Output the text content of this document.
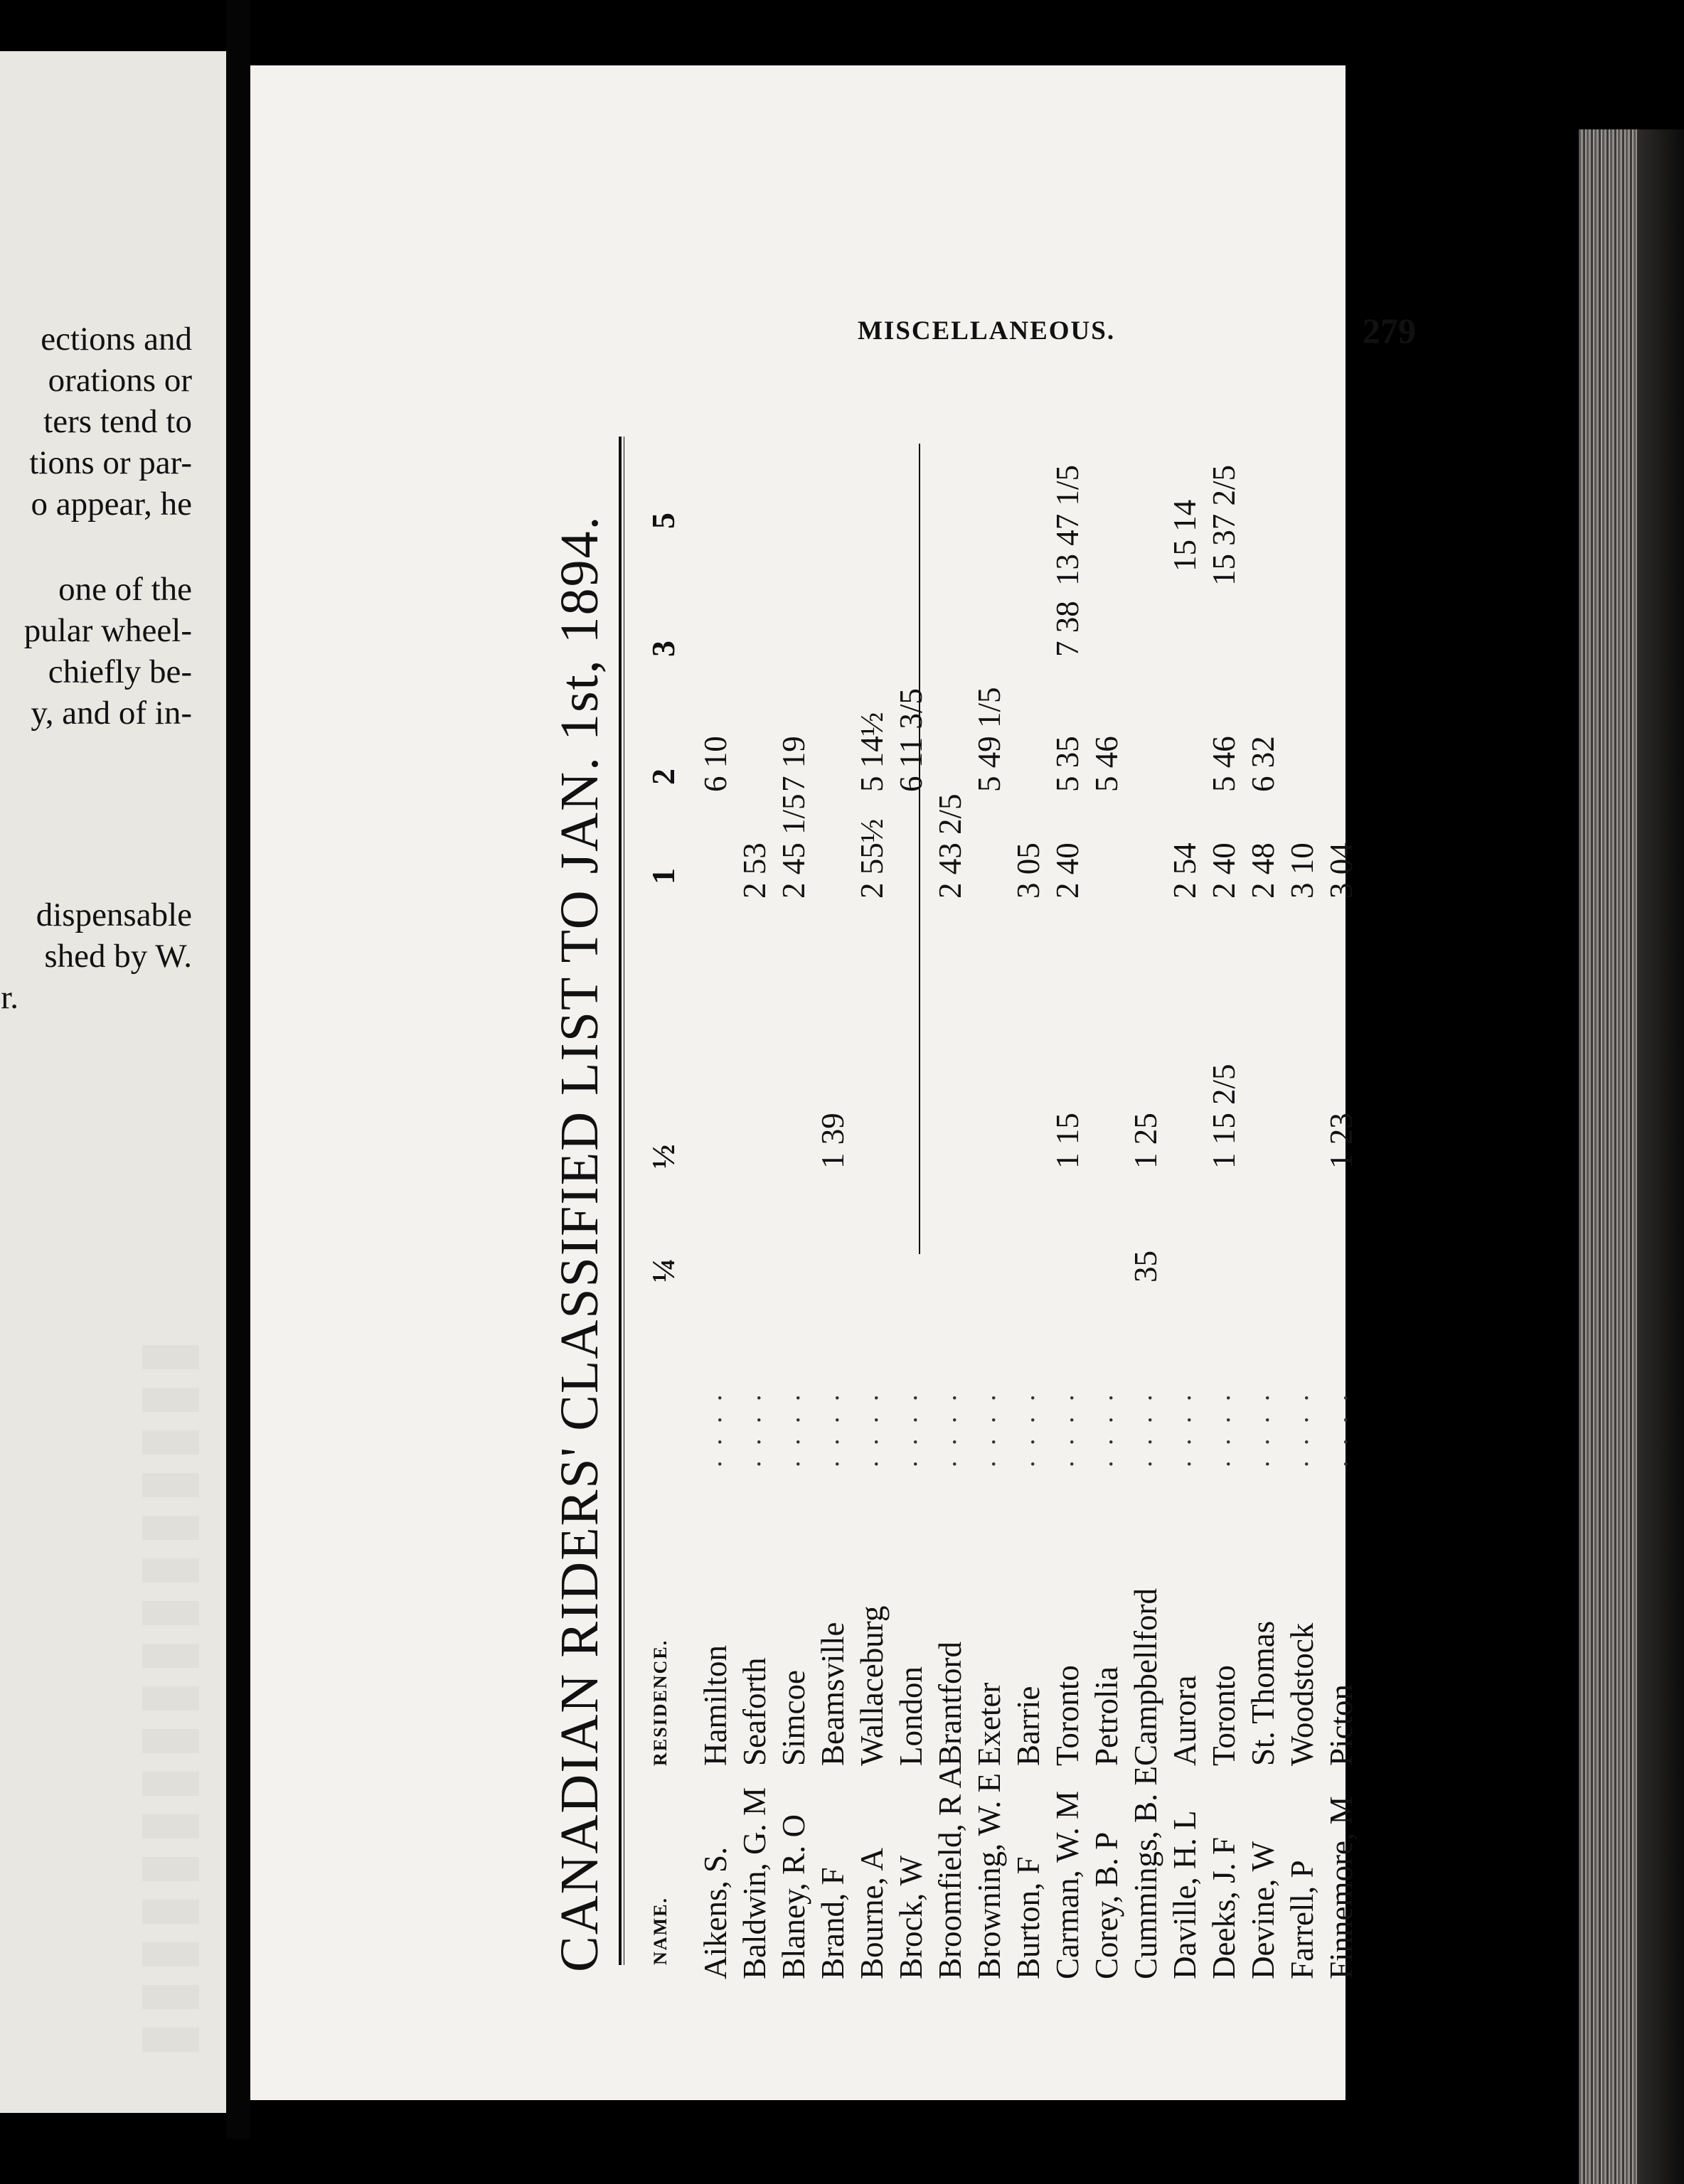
ections and
orations or
ters tend to
tions or par-
o appear, he
one of the
pular wheel-
chiefly be-
y, and of in-
dispensable
shed by W.
r.
MISCELLANEOUS.	279
CANADIAN RIDERS' CLASSIFIED LIST TO JAN. 1st, 1894. NAME.
RESIDENCE.
¼
½
1
2
3
5
Aikens, S.
Hamilton
6 10
. . . .
Baldwin, G. M
Seaforth
2 53
. . . .
Blaney, R. O
Simcoe
2 45 1/5
7 19
. . . .
Brand, F
Beamsville
1 39
. . . .
Bourne, A
Wallaceburg
2 55½
5 14½
. . . .
Brock, W
London
6 11 3/5
. . . .
Broomfield, R A
Brantford
2 43 2/5
. . . .
Browning, W. E
Exeter
5 49 1/5
. . . .
Burton, F
Barrie
3 05
. . . .
Carman, W. M
Toronto
1 15
2 40
5 35
7 38
13 47 1/5
. . . .
Corey, B. P
Petrolia
5 46
. . . .
Cummings, B. E
Campbellford
35
1 25
. . . .
Daville, H. L
Aurora
2 54
15 14
. . . .
Deeks, J. F
Toronto
1 15 2/5
2 40
5 46
15 37 2/5
. . . .
Devine, W
St. Thomas
2 48
6 32
. . . .
Farrell, P
Woodstock
3 10
. . . .
Finnemore, M
Picton
1 23
3 04
. . . .
